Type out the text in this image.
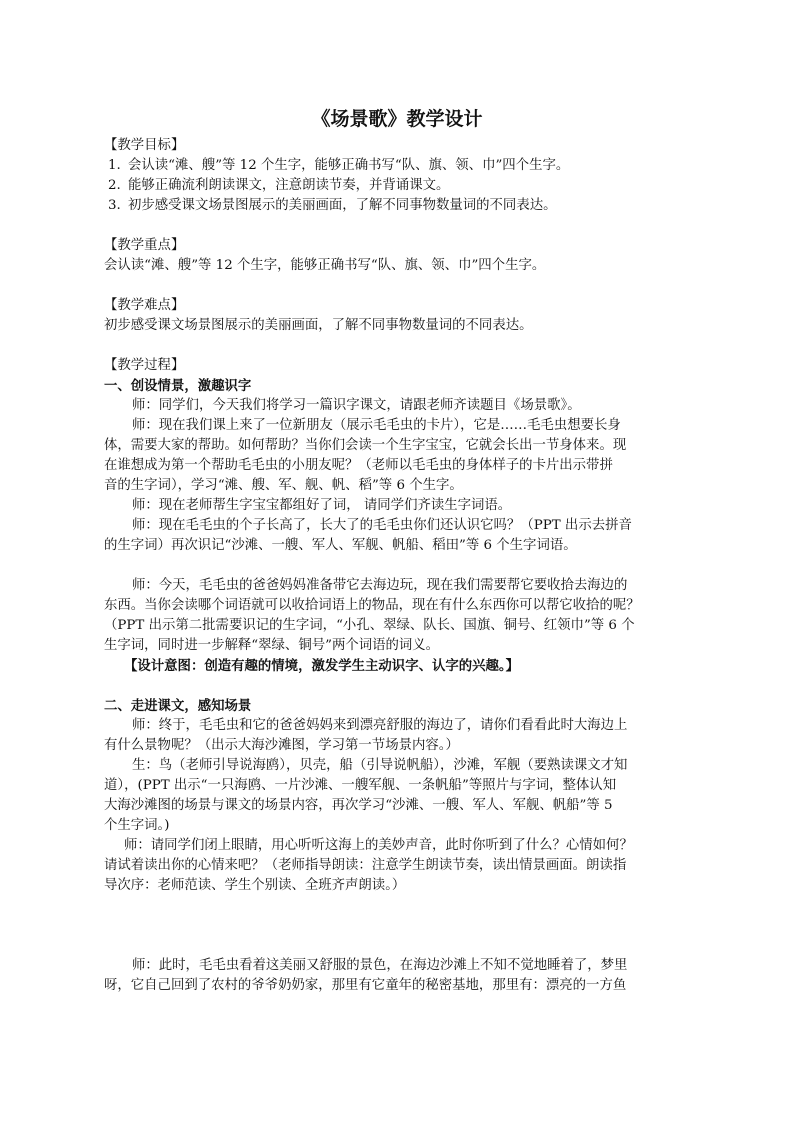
《场景歌》教学设计

【教学目标】

1. 会认读“滩、艘”等 12 个生字，能够正确书写“队、旗、领、巾”四个生字。

2. 能够正确流利朗读课文，注意朗读节奏，并背诵课文。

3. 初步感受课文场景图展示的美丽画面，了解不同事物数量词的不同表达。

【教学重点】

会认读“滩、艘”等 12 个生字，能够正确书写“队、旗、领、巾”四个生字。

【教学难点】

初步感受课文场景图展示的美丽画面，了解不同事物数量词的不同表达。

【教学过程】

一、创设情景，激趣识字

师：同学们，今天我们将学习一篇识字课文，请跟老师齐读题目《场景歌》。

师：现在我们课上来了一位新朋友（展示毛毛虫的卡片），它是……毛毛虫想要长身

体，需要大家的帮助。如何帮助？当你们会读一个生字宝宝，它就会长出一节身体来。现

在谁想成为第一个帮助毛毛虫的小朋友呢？（老师以毛毛虫的身体样子的卡片出示带拼

音的生字词），学习“滩、艘、军、舰、帆、稻”等 6 个生字。

师：现在老师帮生字宝宝都组好了词， 请同学们齐读生字词语。

师：现在毛毛虫的个子长高了，长大了的毛毛虫你们还认识它吗？（PPT 出示去拼音

的生字词）再次识记“沙滩、一艘、军人、军舰、帆船、稻田”等 6 个生字词语。

师：今天，毛毛虫的爸爸妈妈准备带它去海边玩，现在我们需要帮它要收拾去海边的

东西。当你会读哪个词语就可以收拾词语上的物品，现在有什么东西你可以帮它收拾的呢？

（PPT 出示第二批需要识记的生字词，“小孔、翠绿、队长、国旗、铜号、红领巾”等 6 个

生字词，同时进一步解释“翠绿、铜号”两个词语的词义。

【设计意图：创造有趣的情境，激发学生主动识字、认字的兴趣。】

二、走进课文，感知场景

师：终于，毛毛虫和它的爸爸妈妈来到漂亮舒服的海边了，请你们看看此时大海边上

有什么景物呢？（出示大海沙滩图，学习第一节场景内容。）

生：鸟（老师引导说海鸥），贝壳，船（引导说帆船），沙滩，军舰（要熟读课文才知

道），(PPT 出示“一只海鸥、一片沙滩、一艘军舰、一条帆船”等照片与字词，整体认知

大海沙滩图的场景与课文的场景内容，再次学习“沙滩、一艘、军人、军舰、帆船”等 5

个生字词。)

师：请同学们闭上眼睛，用心听听这海上的美妙声音，此时你听到了什么？心情如何？

请试着读出你的心情来吧？（老师指导朗读：注意学生朗读节奏，读出情景画面。朗读指

导次序：老师范读、学生个别读、全班齐声朗读。）

师：此时，毛毛虫看着这美丽又舒服的景色，在海边沙滩上不知不觉地睡着了，梦里

呀，它自己回到了农村的爷爷奶奶家，那里有它童年的秘密基地，那里有：漂亮的一方鱼
